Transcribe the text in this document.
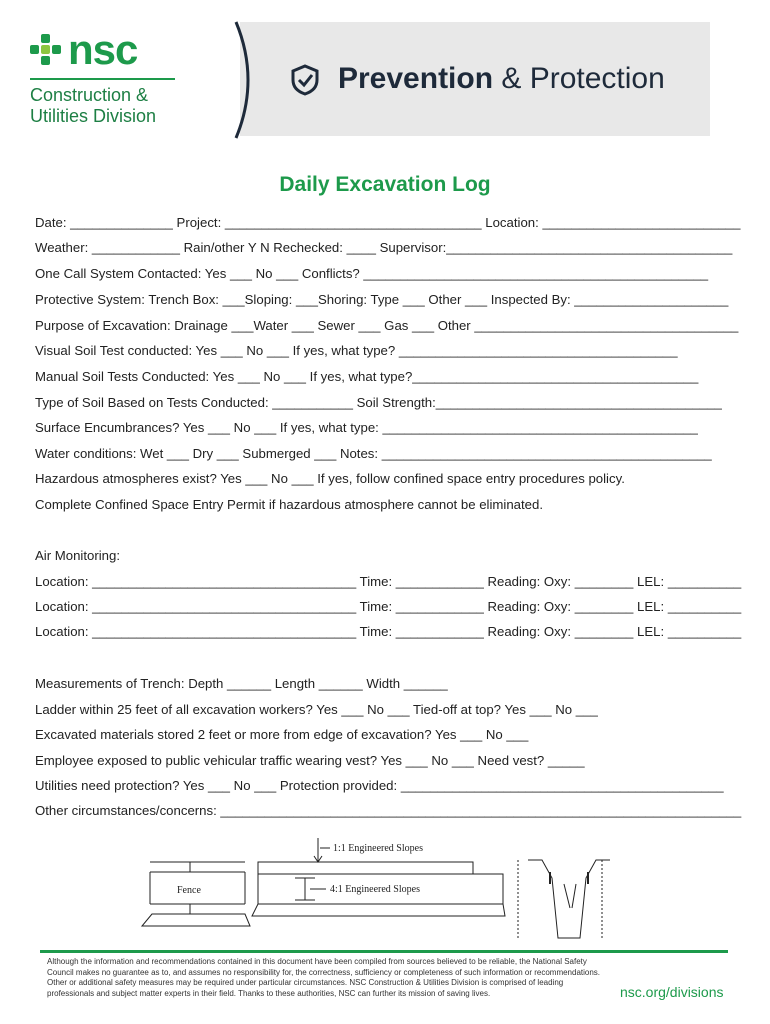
nsc
Construction &
Utilities Division
Prevention & Protection
Daily Excavation Log
Date: ______________ Project: ___________________________________ Location: ___________________________
Weather: ____________ Rain/other Y N Rechecked: ____ Supervisor:_______________________________________
One Call System Contacted: Yes ___ No ___ Conflicts? _______________________________________________
Protective System: Trench Box: ___Sloping: ___Shoring: Type ___ Other ___ Inspected By: _____________________
Purpose of Excavation: Drainage ___Water ___ Sewer ___ Gas ___ Other ____________________________________
Visual Soil Test conducted: Yes ___ No ___ If yes, what type? ______________________________________
Manual Soil Tests Conducted: Yes ___ No ___ If yes, what type?_______________________________________
Type of Soil Based on Tests Conducted: ___________ Soil Strength:_______________________________________
Surface Encumbrances? Yes ___ No ___ If yes, what type: ___________________________________________
Water conditions: Wet ___ Dry ___ Submerged ___ Notes: _____________________________________________
Hazardous atmospheres exist? Yes ___ No ___ If yes, follow confined space entry procedures policy.
Complete Confined Space Entry Permit if hazardous atmosphere cannot be eliminated.
Air Monitoring:
Location: ____________________________________ Time: ____________ Reading: Oxy: ________ LEL: __________
Location: ____________________________________ Time: ____________ Reading: Oxy: ________ LEL: __________
Location: ____________________________________ Time: ____________ Reading: Oxy: ________ LEL: __________
Measurements of Trench: Depth ______ Length ______ Width ______
Ladder within 25 feet of all excavation workers? Yes ___ No ___ Tied-off at top? Yes ___ No ___
Excavated materials stored 2 feet or more from edge of excavation? Yes ___ No ___
Employee exposed to public vehicular traffic wearing vest? Yes ___ No ___ Need vest? _____
Utilities need protection? Yes ___ No ___ Protection provided: ____________________________________________
Other circumstances/concerns: _______________________________________________________________________
Fence
1:1 Engineered Slopes
4:1 Engineered Slopes
Although the information and recommendations contained in this document have been compiled from sources believed to be reliable, the National Safety Council makes no guarantee as to, and assumes no responsibility for, the correctness, sufficiency or completeness of such information or recommendations. Other or additional safety measures may be required under particular circumstances. NSC Construction & Utilities Division is comprised of leading professionals and subject matter experts in their field. Thanks to these authorities, NSC can further its mission of saving lives.	nsc.org/divisions
